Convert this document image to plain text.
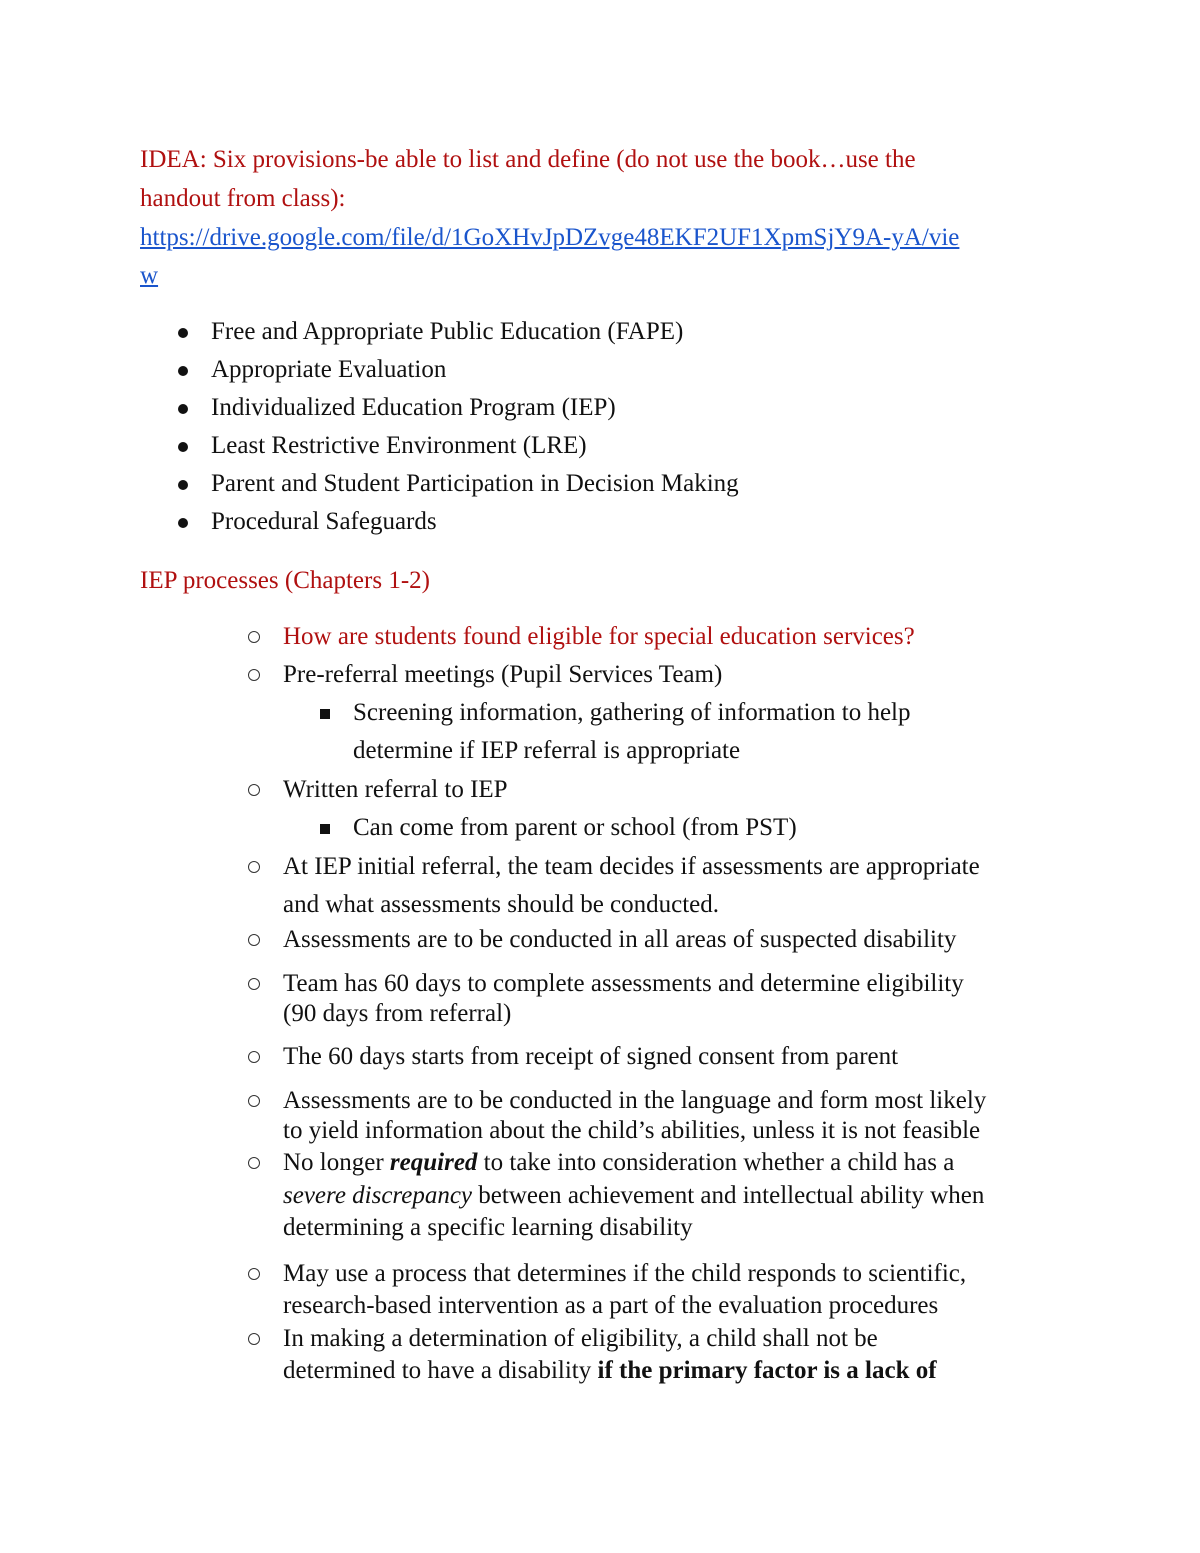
IDEA: Six provisions-be able to list and define (do not use the book…use the
handout from class):
https://drive.google.com/file/d/1GoXHvJpDZvge48EKF2UF1XpmSjY9A-yA/vie
w
Free and Appropriate Public Education (FAPE)
Appropriate Evaluation
Individualized Education Program (IEP)
Least Restrictive Environment (LRE)
Parent and Student Participation in Decision Making
Procedural Safeguards
IEP processes (Chapters 1-2)
How are students found eligible for special education services?
Pre-referral meetings (Pupil Services Team)
Screening information, gathering of information to help
determine if IEP referral is appropriate
Written referral to IEP
Can come from parent or school (from PST)
At IEP initial referral, the team decides if assessments are appropriate
and what assessments should be conducted.
Assessments are to be conducted in all areas of suspected disability
Team has 60 days to complete assessments and determine eligibility
(90 days from referral)
The 60 days starts from receipt of signed consent from parent
Assessments are to be conducted in the language and form most likely
to yield information about the child’s abilities, unless it is not feasible
No longer required to take into consideration whether a child has a
severe discrepancy between achievement and intellectual ability when
determining a specific learning disability
May use a process that determines if the child responds to scientific,
research-based intervention as a part of the evaluation procedures
In making a determination of eligibility, a child shall not be
determined to have a disability if the primary factor is a lack of
